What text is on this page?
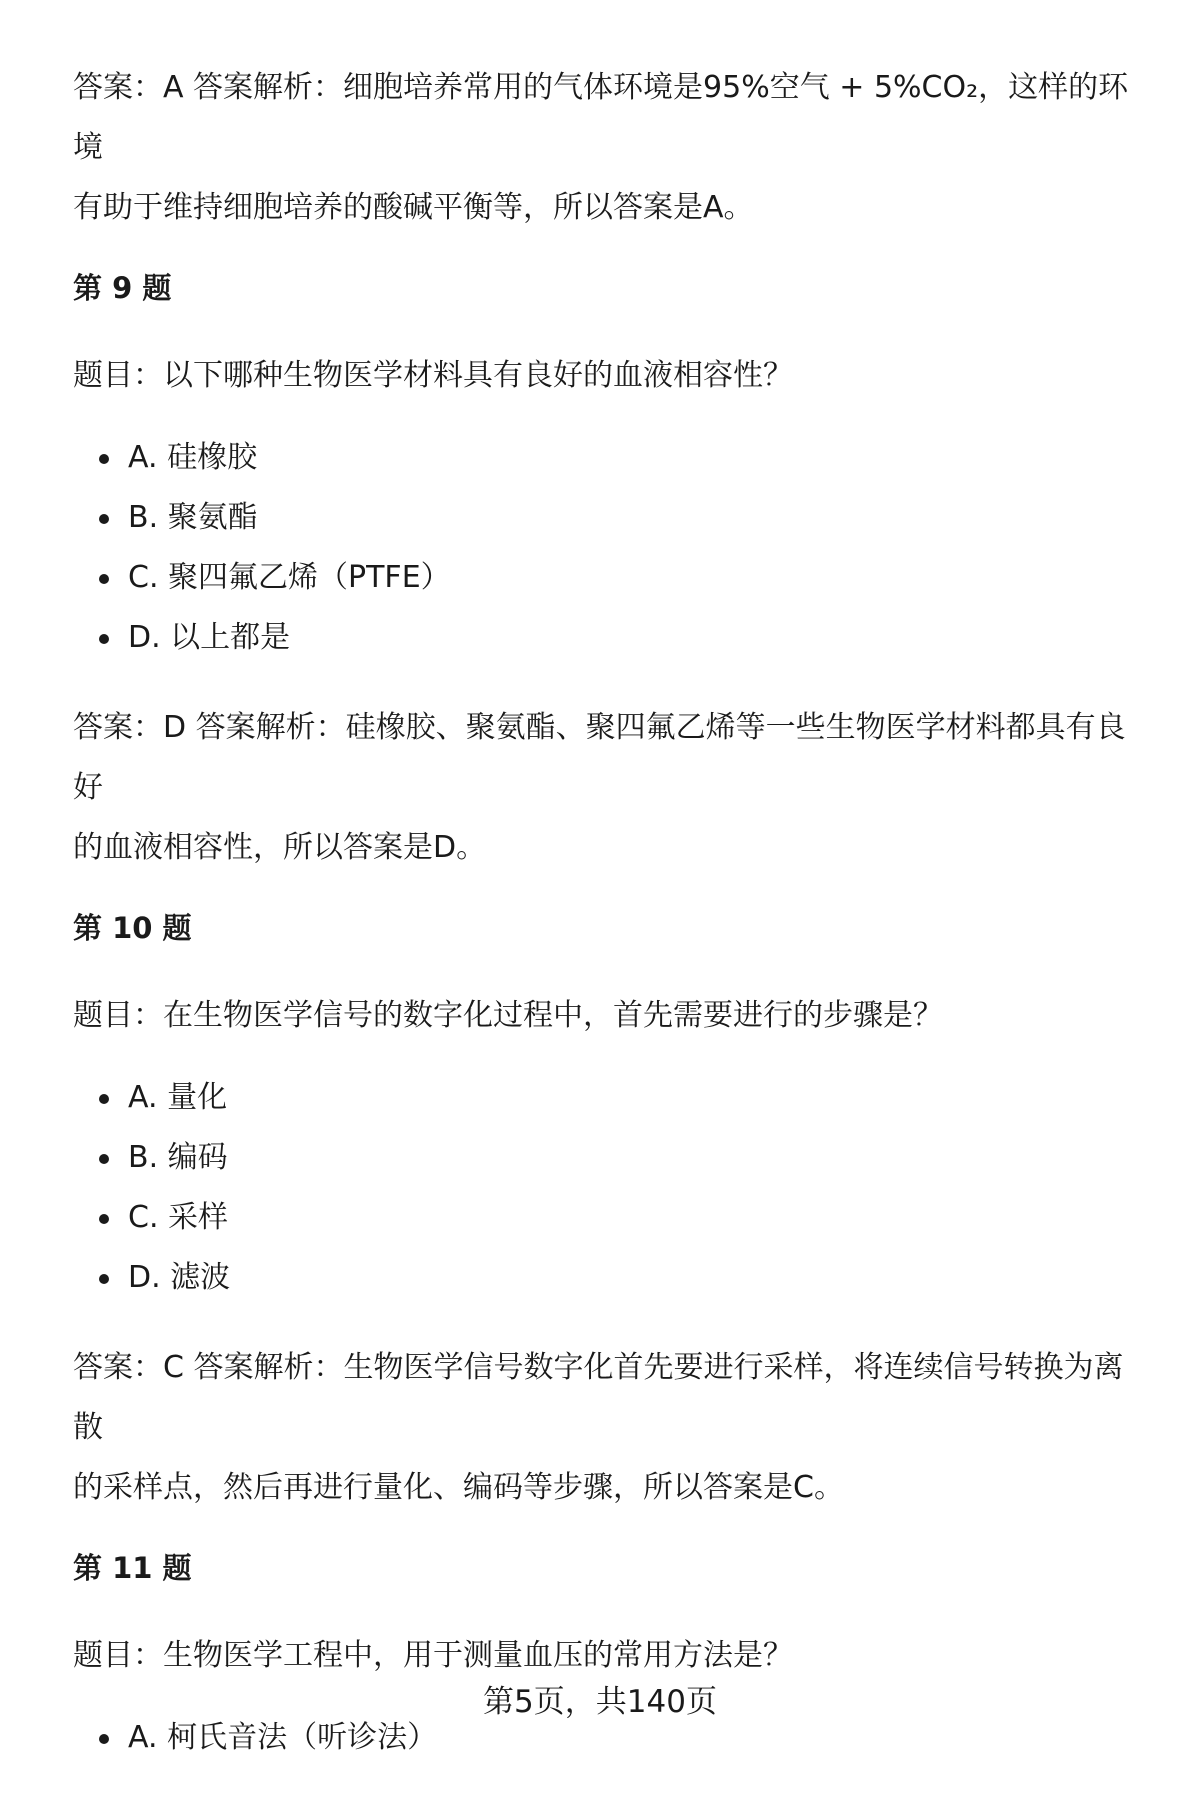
答案：A 答案解析：细胞培养常用的气体环境是95%空气 + 5%CO₂，这样的环境

有助于维持细胞培养的酸碱平衡等，所以答案是A。

第 9 题

题目：以下哪种生物医学材料具有良好的血液相容性？

A. 硅橡胶
B. 聚氨酯
C. 聚四氟乙烯（PTFE）
D. 以上都是

答案：D 答案解析：硅橡胶、聚氨酯、聚四氟乙烯等一些生物医学材料都具有良好

的血液相容性，所以答案是D。

第 10 题

题目：在生物医学信号的数字化过程中，首先需要进行的步骤是？

A. 量化
B. 编码
C. 采样
D. 滤波

答案：C 答案解析：生物医学信号数字化首先要进行采样，将连续信号转换为离散

的采样点，然后再进行量化、编码等步骤，所以答案是C。

第 11 题

题目：生物医学工程中，用于测量血压的常用方法是？

A. 柯氏音法（听诊法）
第5页，共140页
